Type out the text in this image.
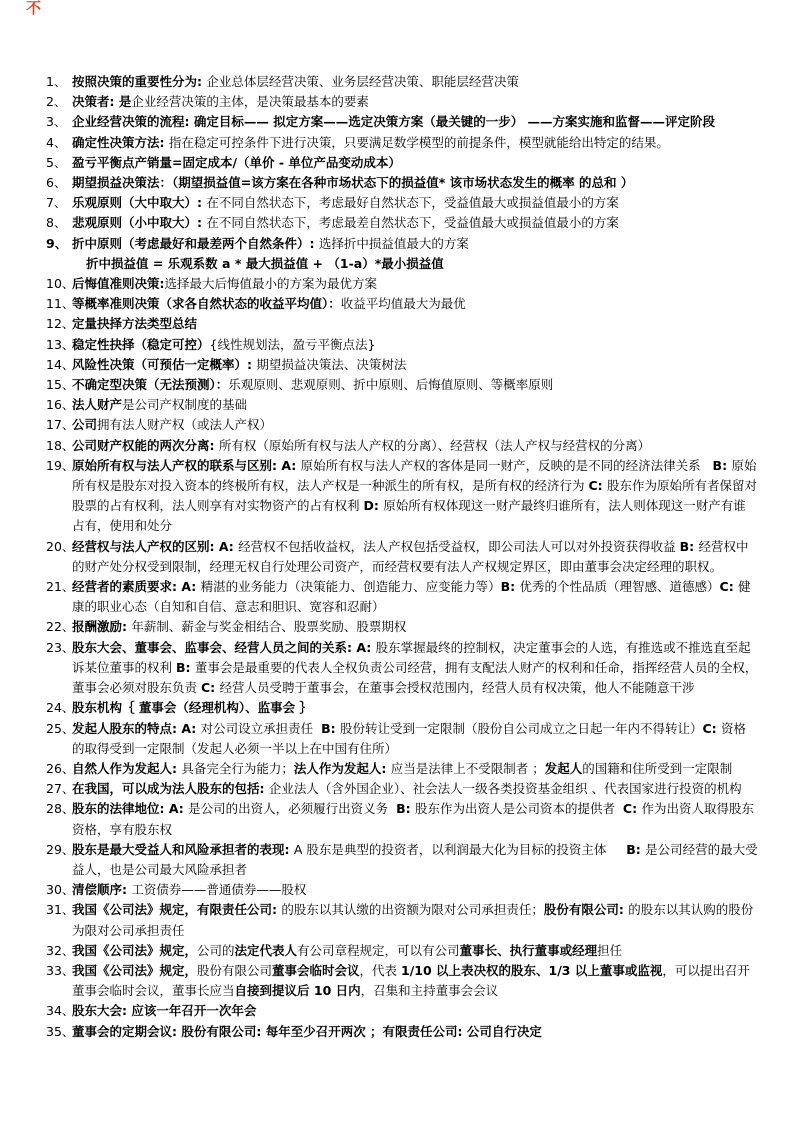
不
1、 按照决策的重要性分为: 企业总体层经营决策、业务层经营决策、职能层经营决策
2、 决策者: 是企业经营决策的主体，是决策最基本的要素
3、 企业经营决策的流程: 确定目标—— 拟定方案——选定决策方案（最关键的一步） ——方案实施和监督——评定阶段
4、 确定性决策方法: 指在稳定可控条件下进行决策，只要满足数学模型的前提条件，模型就能给出特定的结果。
5、 盈亏平衡点产销量=固定成本/（单价 - 单位产品变动成本）
6、 期望损益决策法：（期望损益值=该方案在各种市场状态下的损益值* 该市场状态发生的概率 的总和 ）
7、 乐观原则（大中取大）: 在不同自然状态下，考虑最好自然状态下，受益值最大或损益值最小的方案
8、 悲观原则（小中取大）: 在不同自然状态下，考虑最差自然状态下，受益值最大或损益值最小的方案
9、 折中原则（考虑最好和最差两个自然条件）: 选择折中损益值最大的方案
折中损益值 = 乐观系数 a * 最大损益值 + （1-a）*最小损益值
10、
后悔值准则决策:选择最大后悔值最小的方案为最优方案
11、
等概率准则决策（求各自然状态的收益平均值）：收益平均值最大为最优
12、
定量抉择方法类型总结
13、
稳定性抉择（稳定可控）{线性规划法，盈亏平衡点法}
14、
风险性决策（可预估一定概率）: 期望损益决策法、决策树法
15、
不确定型决策（无法预测）：乐观原则、悲观原则、折中原则、后悔值原则、等概率原则
16、
法人财产是公司产权制度的基础
17、
公司拥有法人财产权（或法人产权）
18、
公司财产权能的两次分离: 所有权（原始所有权与法人产权的分离）、经营权（法人产权与经营权的分离）
19、
原始所有权与法人产权的联系与区别: A: 原始所有权与法人产权的客体是同一财产，反映的是不同的经济法律关系   B: 原始所有权是股东对投入资本的终极所有权，法人产权是一种派生的所有权，是所有权的经济行为 C: 股东作为原始所有者保留对股票的占有权利，法人则享有对实物资产的占有权利 D: 原始所有权体现这一财产最终归谁所有，法人则体现这一财产有谁占有，使用和处分
20、
经营权与法人产权的区别: A: 经营权不包括收益权，法人产权包括受益权，即公司法人可以对外投资获得收益 B: 经营权中的财产处分权受到限制，经理无权自行处理公司资产，而经营权要有法人产权规定界区，即由董事会决定经理的职权。
21、
经营者的素质要求: A: 精湛的业务能力（决策能力、创造能力、应变能力等）B: 优秀的个性品质（理智感、道德感）C: 健康的职业心态（自知和自信、意志和胆识、宽容和忍耐）
22、
报酬激励: 年薪制、薪金与奖金相结合、股票奖励、股票期权
23、
股东大会、董事会、监事会、经营人员之间的关系: A: 股东掌握最终的控制权，决定董事会的人选，有推选或不推选直至起诉某位董事的权利 B: 董事会是最重要的代表人全权负责公司经营，拥有支配法人财产的权利和任命，指挥经营人员的全权，董事会必须对股东负责 C: 经营人员受聘于董事会，在董事会授权范围内，经营人员有权决策，他人不能随意干涉
24、
股东机构｛ 董事会（经理机构）、监事会 ｝
25、
发起人股东的特点: A: 对公司设立承担责任  B: 股份转让受到一定限制（股份自公司成立之日起一年内不得转让）C: 资格的取得受到一定限制（发起人必须一半以上在中国有住所）
26、
自然人作为发起人: 具备完全行为能力；法人作为发起人: 应当是法律上不受限制者 ；发起人的国籍和住所受到一定限制
27、
在我国，可以成为法人股东的包括: 企业法人（含外国企业）、社会法人一级各类投资基金组织 、代表国家进行投资的机构
28、
股东的法律地位: A: 是公司的出资人，必须履行出资义务  B: 股东作为出资人是公司资本的提供者  C: 作为出资人取得股东资格，享有股东权
29、
股东是最大受益人和风险承担者的表现: A 股东是典型的投资者，以利润最大化为目标的投资主体     B: 是公司经营的最大受益人，也是公司最大风险承担者
30、
清偿顺序: 工资债券——普通债券——股权
31、
我国《公司法》规定，有限责任公司: 的股东以其认缴的出资额为限对公司承担责任；股份有限公司: 的股东以其认购的股份为限对公司承担责任
32、
我国《公司法》规定，公司的法定代表人有公司章程规定，可以有公司董事长、执行董事或经理担任
33、
我国《公司法》规定，股份有限公司董事会临时会议，代表 1/10 以上表决权的股东、1/3 以上董事或监视，可以提出召开董事会临时会议，董事长应当自接到提议后 10 日内，召集和主持董事会会议
34、
股东大会: 应该一年召开一次年会
35、
董事会的定期会议: 股份有限公司: 每年至少召开两次 ；有限责任公司: 公司自行决定
